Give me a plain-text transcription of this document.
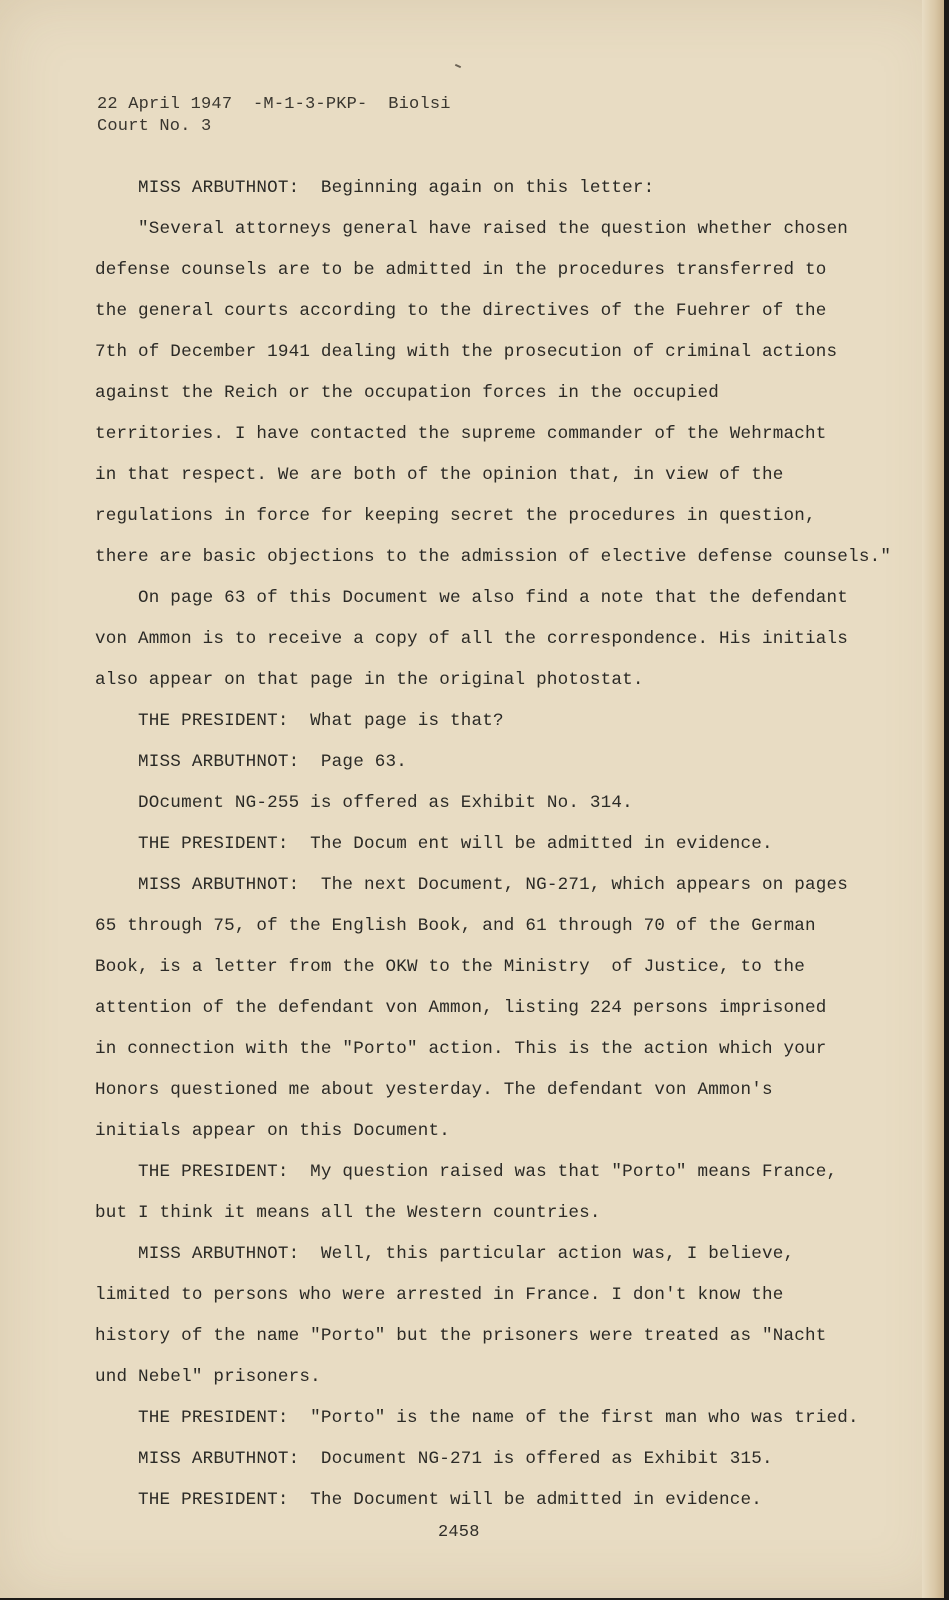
22 April 1947  -M-1-3-PKP-  Biolsi
Court No. 3
MISS ARBUTHNOT:  Beginning again on this letter:
"Several attorneys general have raised the question whether chosen
defense counsels are to be admitted in the procedures transferred to
the general courts according to the directives of the Fuehrer of the
7th of December 1941 dealing with the prosecution of criminal actions
against the Reich or the occupation forces in the occupied
territories. I have contacted the supreme commander of the Wehrmacht
in that respect. We are both of the opinion that, in view of the
regulations in force for keeping secret the procedures in question,
there are basic objections to the admission of elective defense counsels."
On page 63 of this Document we also find a note that the defendant
von Ammon is to receive a copy of all the correspondence. His initials
also appear on that page in the original photostat.
THE PRESIDENT:  What page is that?
MISS ARBUTHNOT:  Page 63.
DOcument NG-255 is offered as Exhibit No. 314.
THE PRESIDENT:  The Docum ent will be admitted in evidence.
MISS ARBUTHNOT:  The next Document, NG-271, which appears on pages
65 through 75, of the English Book, and 61 through 70 of the German
Book, is a letter from the OKW to the Ministry  of Justice, to the
attention of the defendant von Ammon, listing 224 persons imprisoned
in connection with the "Porto" action. This is the action which your
Honors questioned me about yesterday. The defendant von Ammon's
initials appear on this Document.
THE PRESIDENT:  My question raised was that "Porto" means France,
but I think it means all the Western countries.
MISS ARBUTHNOT:  Well, this particular action was, I believe,
limited to persons who were arrested in France. I don't know the
history of the name "Porto" but the prisoners were treated as "Nacht
und Nebel" prisoners.
THE PRESIDENT:  "Porto" is the name of the first man who was tried.
MISS ARBUTHNOT:  Document NG-271 is offered as Exhibit 315.
THE PRESIDENT:  The Document will be admitted in evidence.
2458
